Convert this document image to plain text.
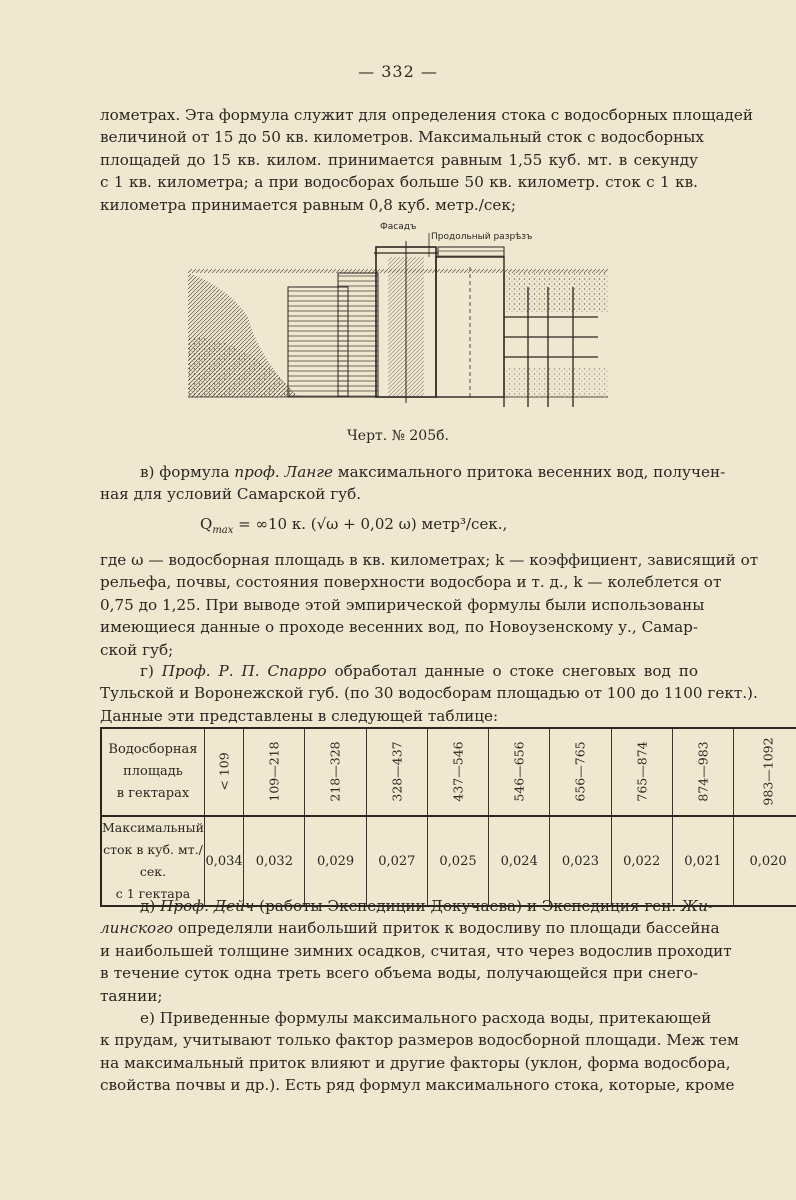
— 332 —
лометрах. Эта формула служит для определения стока с водосборных площадей
величиной от 15 до 50 кв. километров. Максимальный сток с водосборных
площадей до 15 кв. килом. принимается равным 1,55 куб. мт. в секунду
с 1 кв. километра; а при водосборах больше 50 кв. километр. сток с 1 кв.
километра принимается равным 0,8 куб. метр./сек;
Фасадъ
Продольный разрѣзъ
Черт. № 205б.
в) формула проф. Ланге максимального притока весенних вод, получен-
ная для условий Самарской губ.
$Q_{max} = \infty 10$ к. (√ω + 0,02 ω) метр³/сек.,
где ω — водосборная площадь в кв. километрах; k — коэффициент, зависящий от
рельефа, почвы, состояния поверхности водосбора и т. д., k — колеблется от
0,75 до 1,25. При выводе этой эмпирической формулы были использованы
имеющиеся данные о проходе весенних вод, по Новоузенскому у., Самар-
ской губ;
г) Проф. Р. П. Спарро обработал данные о стоке снеговых вод по
Тульской и Воронежской губ. (по 30 водосборам площадью от 100 до 1100 гект.).
Данные эти представлены в следующей таблице:
Водосборная
площадь
в гектарах	< 109	109—218	218—328	328—437	437—546	546—656	656—765	765—874	874—983	983—1092

Максимальный
сток в куб. мт./сек.
с 1 гектара	0,034	0,032	0,029	0,027	0,025	0,024	0,023	0,022	0,021	0,020
д) Проф. Дейч (работы Экспедиции Докучаева) и Экспедиция ген. Жи-
линского определяли наибольший приток к водосливу по площади бассейна
и наибольшей толщине зимних осадков, считая, что через водослив проходит
в течение суток одна треть всего объема воды, получающейся при снего-
таянии;
е) Приведенные формулы максимального расхода воды, притекающей
к прудам, учитывают только фактор размеров водосборной площади. Меж тем
на максимальный приток влияют и другие факторы (уклон, форма водосбора,
свойства почвы и др.). Есть ряд формул максимального стока, которые, кроме
